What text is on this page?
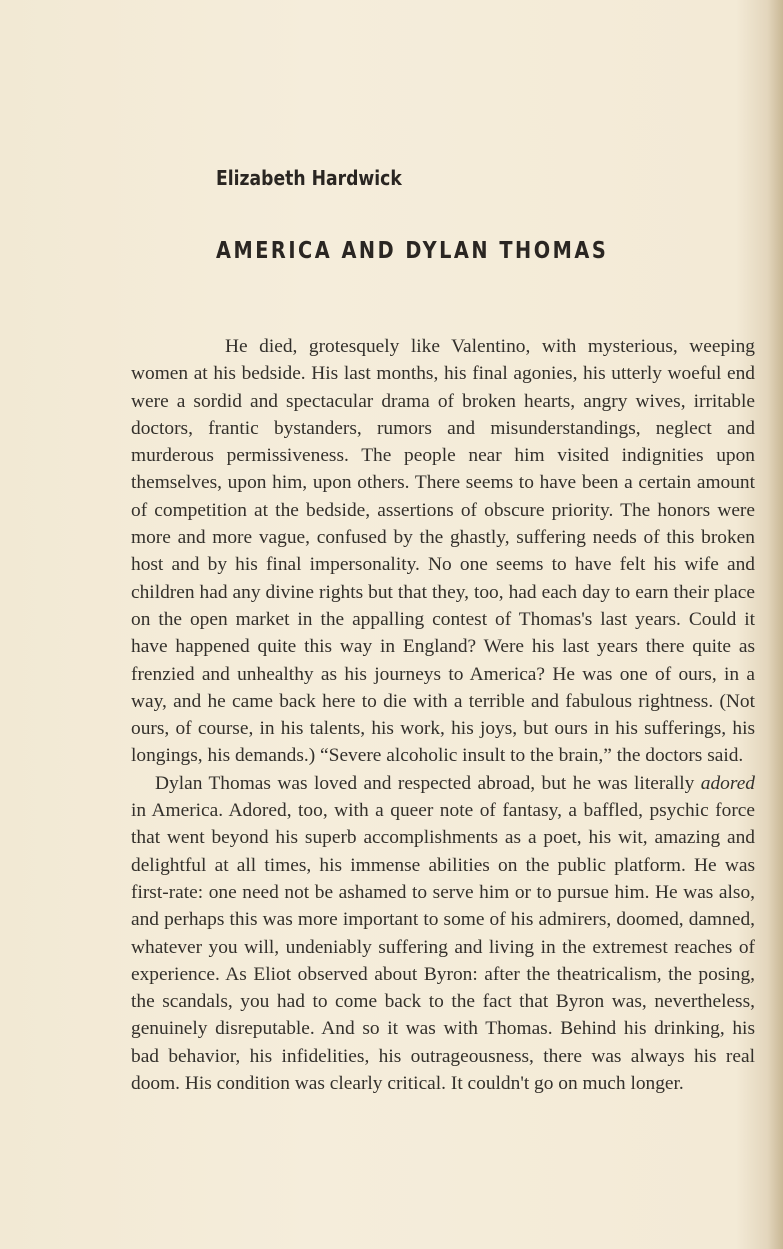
Elizabeth Hardwick
AMERICA AND DYLAN THOMAS

He died, grotesquely like Valentino, with mysterious, weeping women at his bedside. His last months, his final agonies, his utterly woeful end were a sordid and spectacular drama of broken hearts, angry wives, irritable doctors, frantic bystanders, rumors and misunderstandings, neglect and murderous permissiveness. The people near him visited indignities upon themselves, upon him, upon others. There seems to have been a certain amount of competition at the bedside, assertions of obscure priority. The honors were more and more vague, confused by the ghastly, suffering needs of this broken host and by his final impersonality. No one seems to have felt his wife and children had any divine rights but that they, too, had each day to earn their place on the open market in the appalling contest of Thomas's last years. Could it have happened quite this way in England? Were his last years there quite as frenzied and unhealthy as his journeys to America? He was one of ours, in a way, and he came back here to die with a terrible and fabulous rightness. (Not ours, of course, in his talents, his work, his joys, but ours in his sufferings, his longings, his demands.) “Severe alcoholic insult to the brain,” the doctors said.

Dylan Thomas was loved and respected abroad, but he was literally adored in America. Adored, too, with a queer note of fantasy, a baffled, psychic force that went beyond his superb accomplishments as a poet, his wit, amazing and delightful at all times, his immense abilities on the public platform. He was first-rate: one need not be ashamed to serve him or to pursue him. He was also, and perhaps this was more important to some of his admirers, doomed, damned, whatever you will, undeniably suffering and living in the extremest reaches of experience. As Eliot observed about Byron: after the theatricalism, the posing, the scandals, you had to come back to the fact that Byron was, nevertheless, genuinely disreputable. And so it was with Thomas. Behind his drinking, his bad behavior, his infidelities, his outrageousness, there was always his real doom. His condition was clearly critical. It couldn't go on much longer.
